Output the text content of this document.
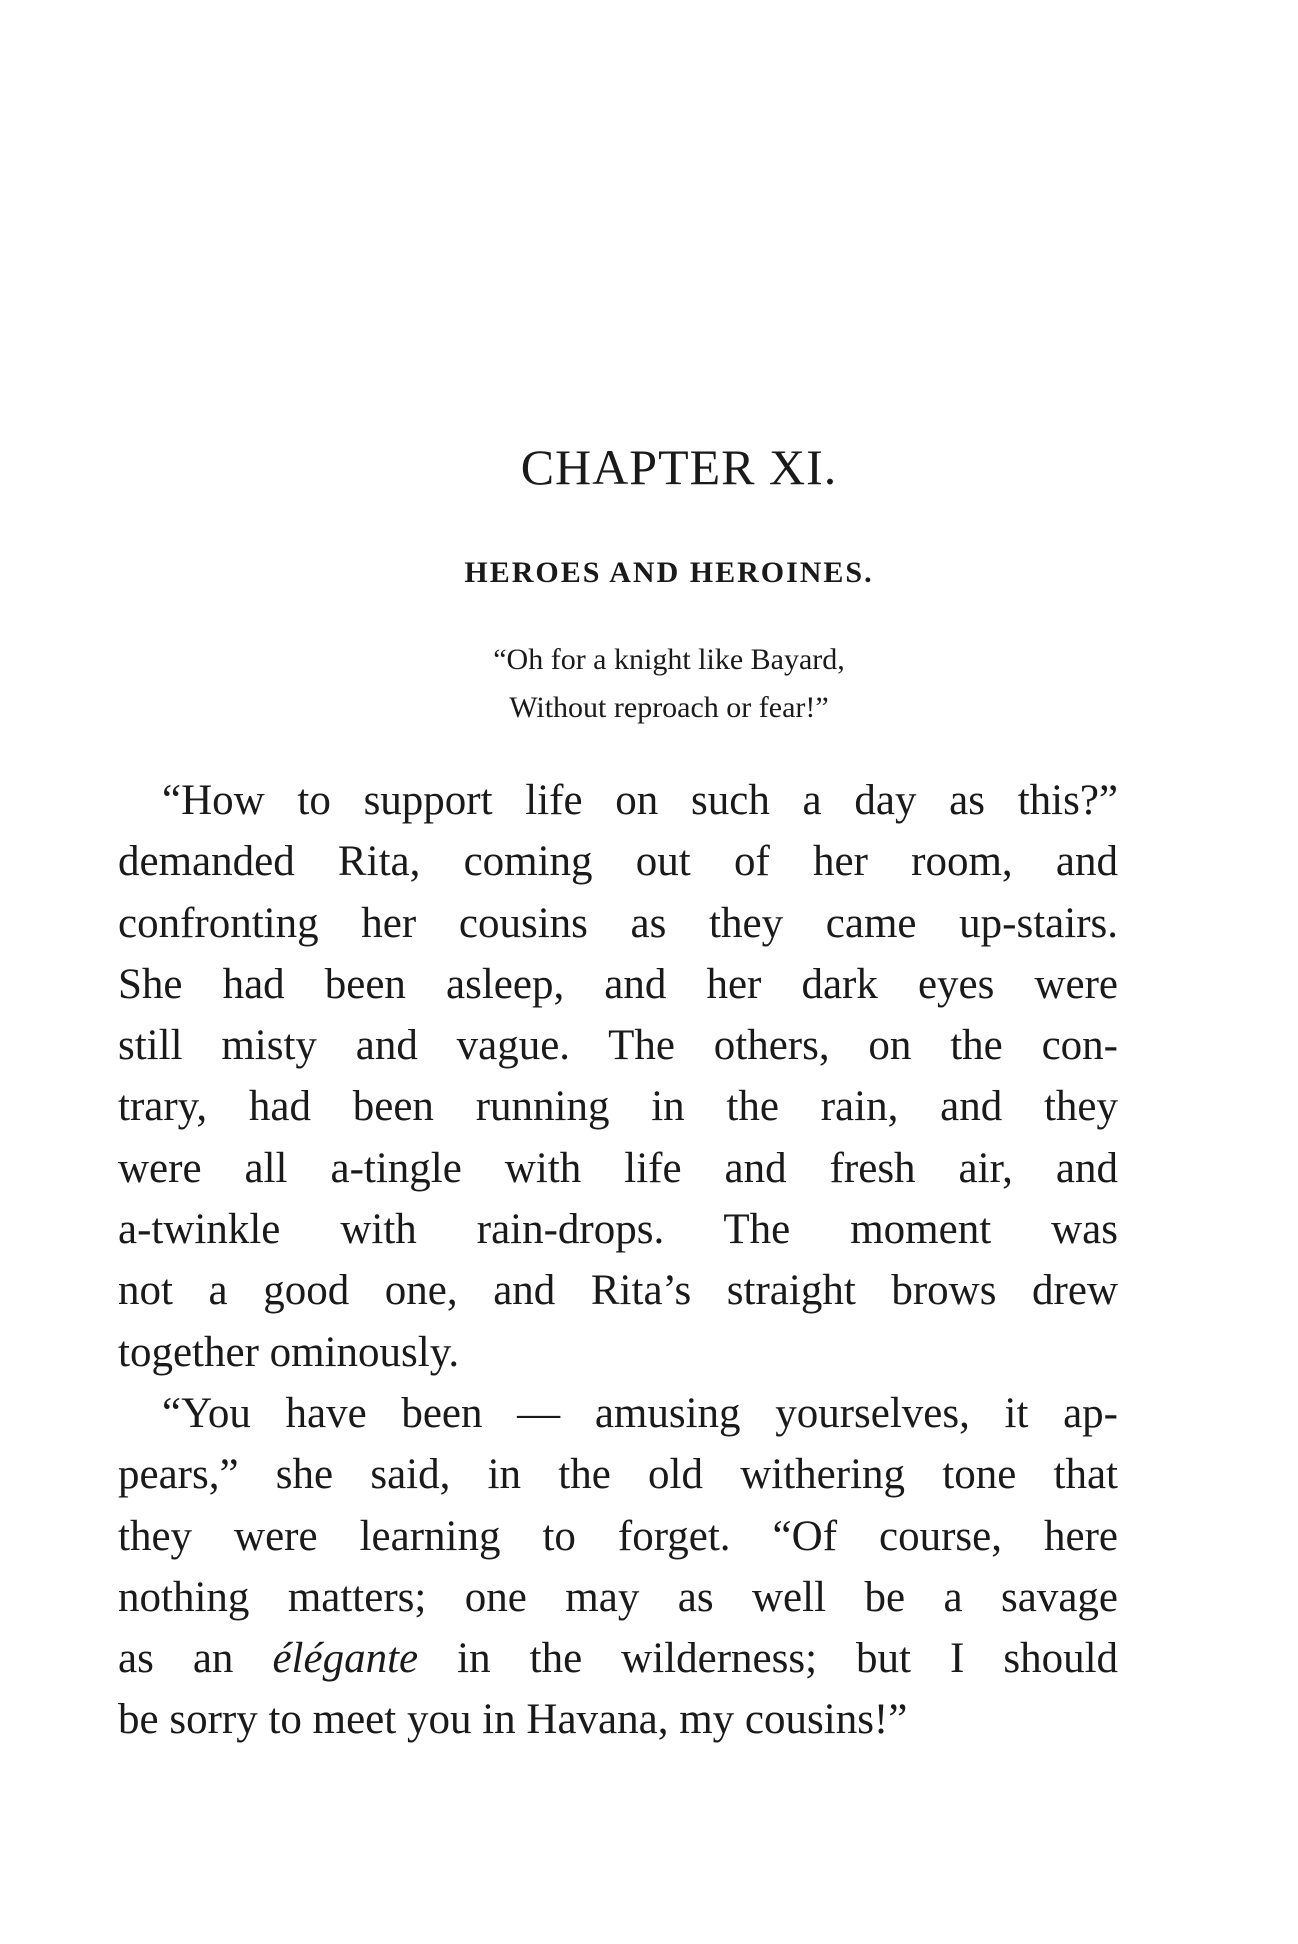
CHAPTER XI.
HEROES AND HEROINES.
“Oh for a knight like Bayard,
Without reproach or fear!”
“How to support life on such a day as this?”
demanded Rita, coming out of her room, and
confronting her cousins as they came up-stairs.
She had been asleep, and her dark eyes were
still misty and vague. The others, on the con-
trary, had been running in the rain, and they
were all a-tingle with life and fresh air, and
a-twinkle with rain-drops. The moment was
not a good one, and Rita’s straight brows drew
together ominously.
“You have been — amusing yourselves, it ap-
pears,” she said, in the old withering tone that
they were learning to forget. “Of course, here
nothing matters; one may as well be a savage
as an élégante in the wilderness; but I should
be sorry to meet you in Havana, my cousins!”
